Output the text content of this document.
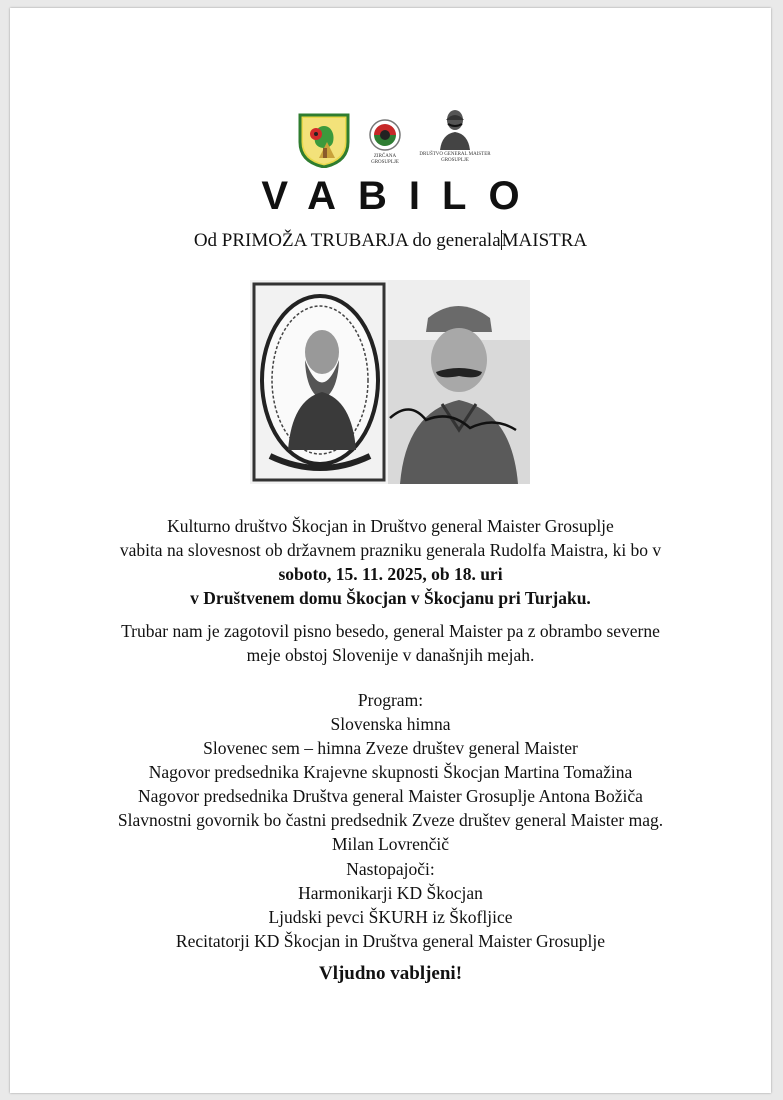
ZIRČANA
GROSUPLJE
DRUŠTVO GENERAL MAISTER
GROSUPLJE
VABILO
Od PRIMOŽA TRUBARJA do generalaMAISTRA
Kulturno društvo Škocjan in Društvo general Maister Grosuplje
vabita na slovesnost ob državnem prazniku generala Rudolfa Maistra, ki bo v
soboto, 15. 11. 2025, ob 18. uri
v Društvenem domu Škocjan v Škocjanu pri Turjaku.
Trubar nam je zagotovil pisno besedo, general Maister pa z obrambo severne
meje obstoj Slovenije v današnjih mejah.
Program:
Slovenska himna
Slovenec sem – himna Zveze društev general Maister
Nagovor predsednika Krajevne skupnosti Škocjan Martina Tomažina
Nagovor predsednika Društva general Maister Grosuplje Antona Božiča
Slavnostni govornik bo častni predsednik Zveze društev general Maister mag.
Milan Lovrenčič
Nastopajoči:
Harmonikarji KD Škocjan
Ljudski pevci ŠKURH iz Škofljice
Recitatorji KD Škocjan in Društva general Maister Grosuplje
Vljudno vabljeni!
